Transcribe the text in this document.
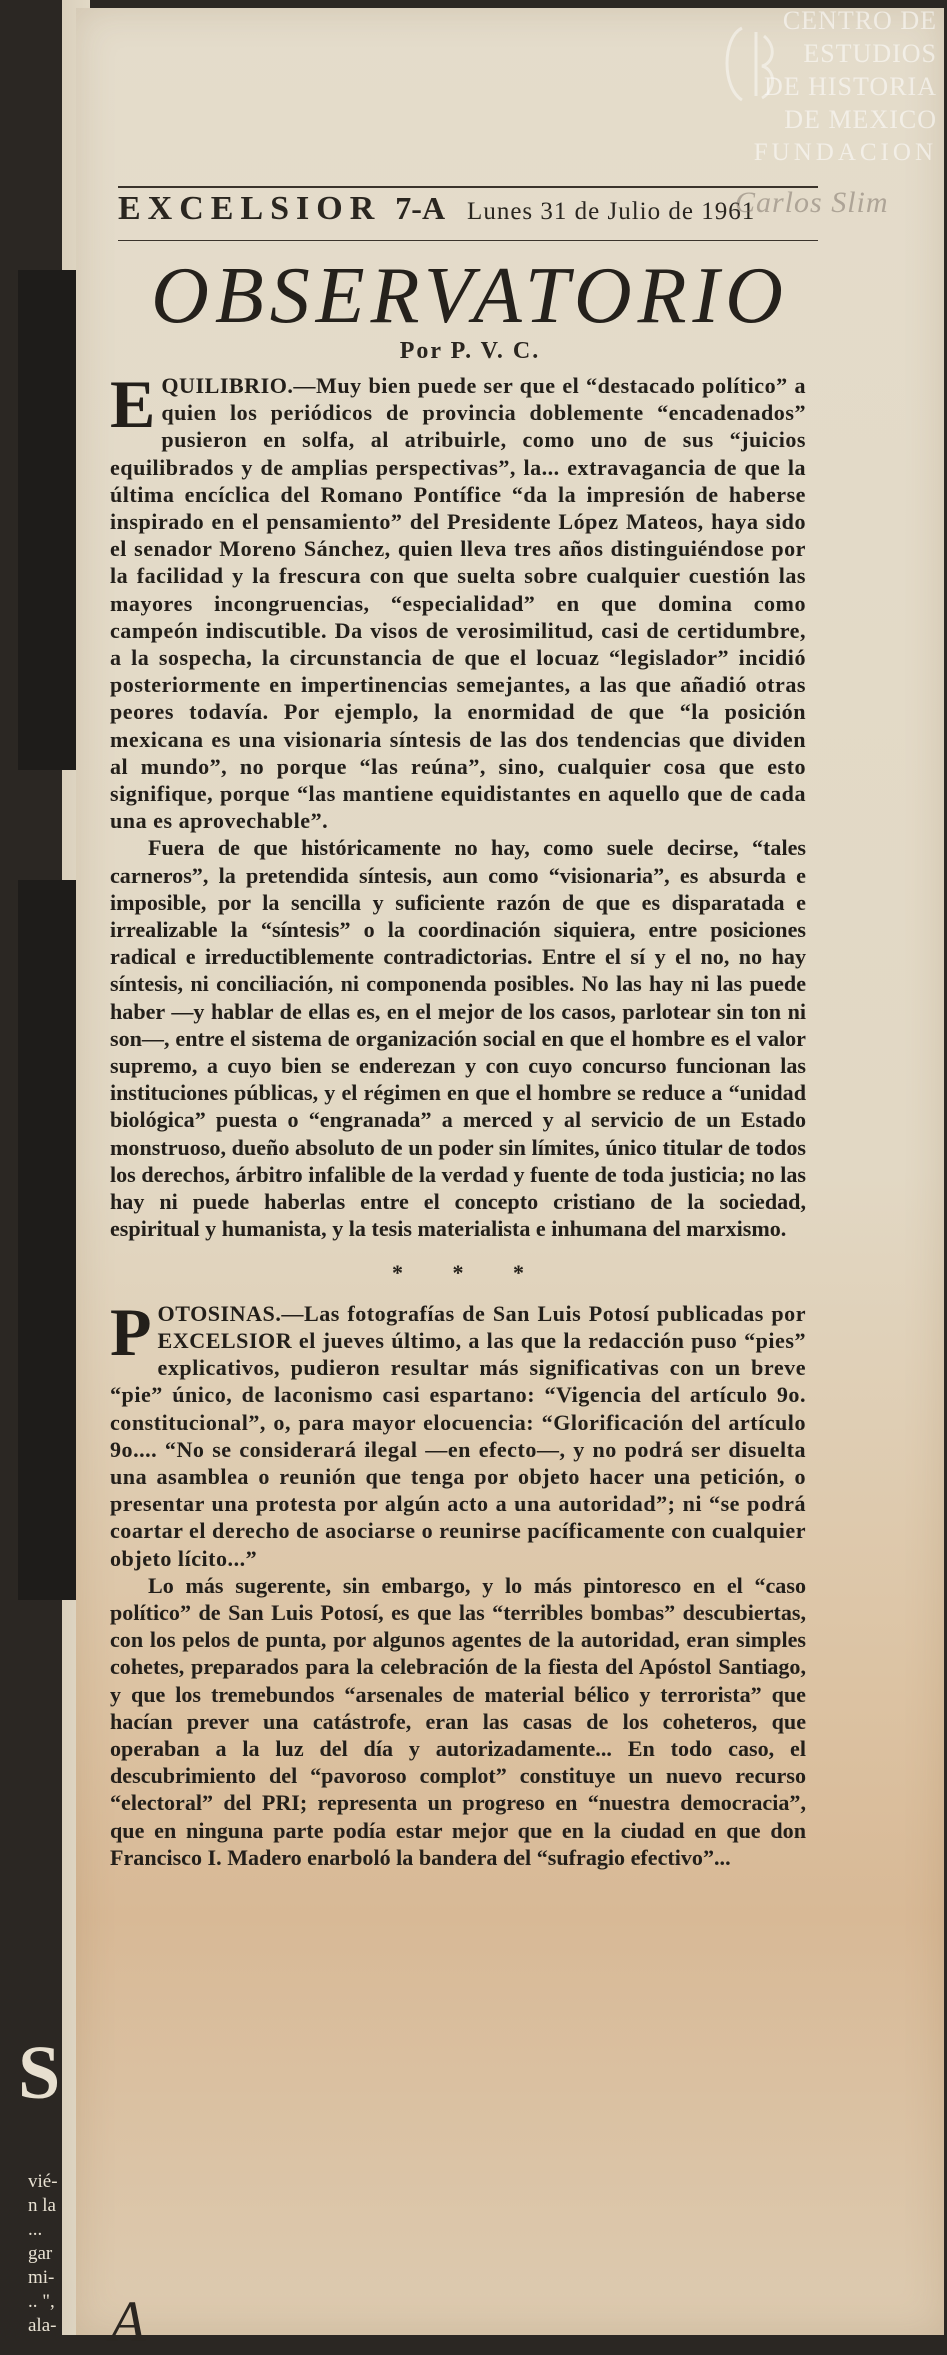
CENTRO DE
ESTUDIOS
DE HISTORIA
DE MEXICO
FUNDACION
EXCELSIOR 7-A Lunes 31 de Julio de 1961
Carlos Slim
OBSERVATORIO
Por P. V. C.

EQUILIBRIO.—Muy bien puede ser que el “destacado político” a quien los periódicos de provincia doblemente “encadenados” pusieron en solfa, al atribuirle, como uno de sus “juicios equilibrados y de amplias perspectivas”, la... extravagancia de que la última encíclica del Romano Pontífice “da la impresión de haberse inspirado en el pensamiento” del Presidente López Mateos, haya sido el senador Moreno Sánchez, quien lleva tres años distinguiéndose por la facilidad y la frescura con que suelta sobre cualquier cuestión las mayores incongruencias, “especialidad” en que domina como campeón indiscutible. Da visos de verosimilitud, casi de certidumbre, a la sospecha, la circunstancia de que el locuaz “legislador” incidió posteriormente en impertinencias semejantes, a las que añadió otras peores todavía. Por ejemplo, la enormidad de que “la posición mexicana es una visionaria síntesis de las dos tendencias que dividen al mundo”, no porque “las reúna”, sino, cualquier cosa que esto signifique, porque “las mantiene equidistantes en aquello que de cada una es aprovechable”.

Fuera de que históricamente no hay, como suele decirse, “tales carneros”, la pretendida síntesis, aun como “visionaria”, es absurda e imposible, por la sencilla y suficiente razón de que es disparatada e irrealizable la “síntesis” o la coordinación siquiera, entre posiciones radical e irreductiblemente contradictorias. Entre el sí y el no, no hay síntesis, ni conciliación, ni componenda posibles. No las hay ni las puede haber —y hablar de ellas es, en el mejor de los casos, parlotear sin ton ni son—, entre el sistema de organización social en que el hombre es el valor supremo, a cuyo bien se enderezan y con cuyo concurso funcionan las instituciones públicas, y el régimen en que el hombre se reduce a “unidad biológica” puesta o “engranada” a merced y al servicio de un Estado monstruoso, dueño absoluto de un poder sin límites, único titular de todos los derechos, árbitro infalible de la verdad y fuente de toda justicia; no las hay ni puede haberlas entre el concepto cristiano de la sociedad, espiritual y humanista, y la tesis materialista e inhumana del marxismo.

* * *

POTOSINAS.—Las fotografías de San Luis Potosí publicadas por EXCELSIOR el jueves último, a las que la redacción puso “pies” explicativos, pudieron resultar más significativas con un breve “pie” único, de laconismo casi espartano: “Vigencia del artículo 9o. constitucional”, o, para mayor elocuencia: “Glorificación del artículo 9o.... “No se considerará ilegal —en efecto—, y no podrá ser disuelta una asamblea o reunión que tenga por objeto hacer una petición, o presentar una protesta por algún acto a una autoridad”; ni “se podrá coartar el derecho de asociarse o reunirse pacíficamente con cualquier objeto lícito...”

Lo más sugerente, sin embargo, y lo más pintoresco en el “caso político” de San Luis Potosí, es que las “terribles bombas” descubiertas, con los pelos de punta, por algunos agentes de la autoridad, eran simples cohetes, preparados para la celebración de la fiesta del Apóstol Santiago, y que los tremebundos “arsenales de material bélico y terrorista” que hacían prever una catástrofe, eran las casas de los coheteros, que operaban a la luz del día y autorizadamente... En todo caso, el descubrimiento del “pavoroso complot” constituye un nuevo recurso “electoral” del PRI; representa un progreso en “nuestra democracia”, que en ninguna parte podía estar mejor que en la ciudad en que don Francisco I. Madero enarboló la bandera del “sufragio efectivo”...

S
vié-
n la
...
gar
mi-
.. ",
ala- A
